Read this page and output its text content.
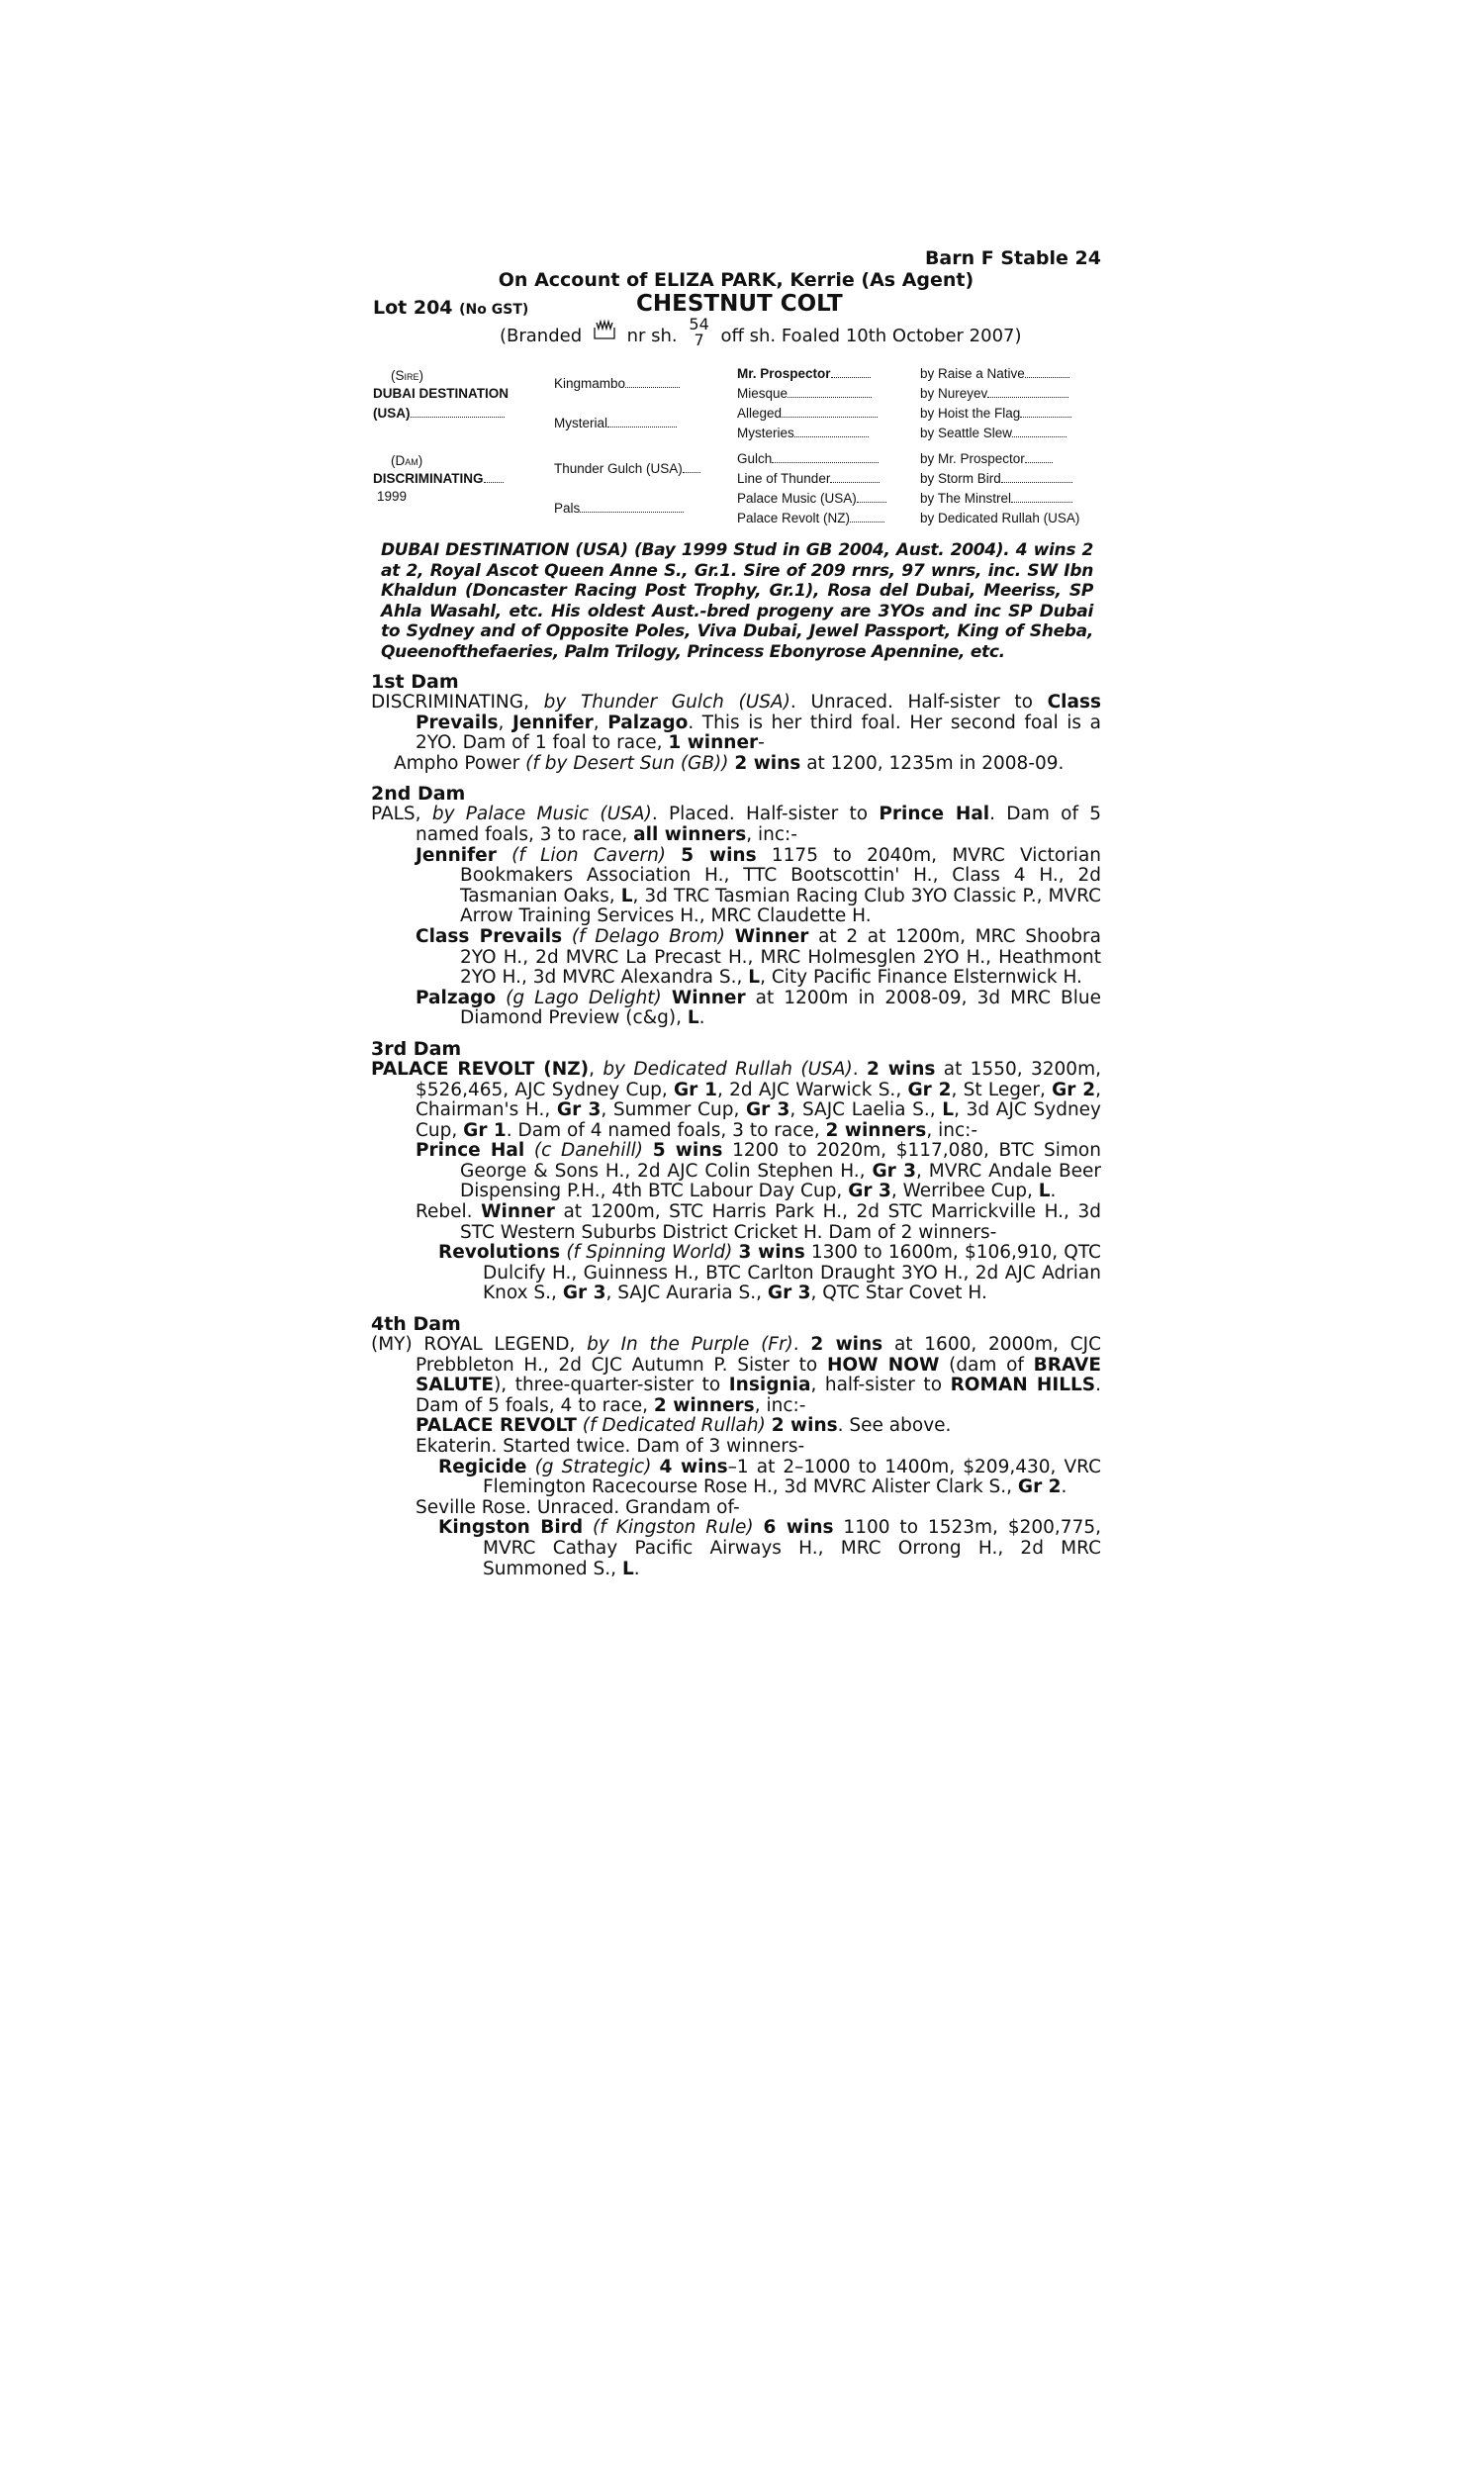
Barn F Stable 24
On Account of ELIZA PARK, Kerrie (As Agent)
Lot 204 (No GST)	CHESTNUT COLT
(Branded	nr sh.
54
7 off sh. Foaled 10th October 2007)
(Sire)
DUBAI DESTINATION
(USA)
(Dam)
DISCRIMINATING
1999
Kingmambo
Mysterial
Thunder Gulch (USA)
Pals
Mr. Prospector
Miesque
Alleged
Mysteries
Gulch
Line of Thunder
Palace Music (USA)
Palace Revolt (NZ)
by Raise a Native
by Nureyev
by Hoist the Flag
by Seattle Slew
by Mr. Prospector
by Storm Bird
by The Minstrel
by Dedicated Rullah (USA)
DUBAI DESTINATION (USA) (Bay 1999 Stud in GB 2004, Aust. 2004). 4 wins 2 at 2, Royal Ascot Queen Anne S., Gr.1. Sire of 209 rnrs, 97 wnrs, inc. SW Ibn Khaldun (Doncaster Racing Post Trophy, Gr.1), Rosa del Dubai, Meeriss, SP Ahla Wasahl, etc. His oldest Aust.-bred progeny are 3YOs and inc SP Dubai to Sydney and of Opposite Poles, Viva Dubai, Jewel Passport, King of Sheba, Queenofthefaeries, Palm Trilogy, Princess Ebonyrose Apennine, etc.
1st Dam
DISCRIMINATING, by Thunder Gulch (USA). Unraced. Half-sister to Class Prevails, Jennifer, Palzago. This is her third foal. Her second foal is a 2YO. Dam of 1 foal to race, 1 winner-
Ampho Power (f by Desert Sun (GB)) 2 wins at 1200, 1235m in 2008-09.
2nd Dam
PALS, by Palace Music (USA). Placed. Half-sister to Prince Hal. Dam of 5 named foals, 3 to race, all winners, inc:-
Jennifer (f Lion Cavern) 5 wins 1175 to 2040m, MVRC Victorian Bookmakers Association H., TTC Bootscottin' H., Class 4 H., 2d Tasmanian Oaks, L, 3d TRC Tasmian Racing Club 3YO Classic P., MVRC Arrow Training Services H., MRC Claudette H.
Class Prevails (f Delago Brom) Winner at 2 at 1200m, MRC Shoobra 2YO H., 2d MVRC La Precast H., MRC Holmesglen 2YO H., Heathmont 2YO H., 3d MVRC Alexandra S., L, City Pacific Finance Elsternwick H.
Palzago (g Lago Delight) Winner at 1200m in 2008-09, 3d MRC Blue Diamond Preview (c&g), L.
3rd Dam
PALACE REVOLT (NZ), by Dedicated Rullah (USA). 2 wins at 1550, 3200m, $526,465, AJC Sydney Cup, Gr 1, 2d AJC Warwick S., Gr 2, St Leger, Gr 2, Chairman's H., Gr 3, Summer Cup, Gr 3, SAJC Laelia S., L, 3d AJC Sydney Cup, Gr 1. Dam of 4 named foals, 3 to race, 2 winners, inc:-
Prince Hal (c Danehill) 5 wins 1200 to 2020m, $117,080, BTC Simon George & Sons H., 2d AJC Colin Stephen H., Gr 3, MVRC Andale Beer Dispensing P.H., 4th BTC Labour Day Cup, Gr 3, Werribee Cup, L.
Rebel. Winner at 1200m, STC Harris Park H., 2d STC Marrickville H., 3d STC Western Suburbs District Cricket H. Dam of 2 winners-
Revolutions (f Spinning World) 3 wins 1300 to 1600m, $106,910, QTC Dulcify H., Guinness H., BTC Carlton Draught 3YO H., 2d AJC Adrian Knox S., Gr 3, SAJC Auraria S., Gr 3, QTC Star Covet H.
4th Dam
(MY) ROYAL LEGEND, by In the Purple (Fr). 2 wins at 1600, 2000m, CJC Prebbleton H., 2d CJC Autumn P. Sister to HOW NOW (dam of BRAVE SALUTE), three-quarter-sister to Insignia, half-sister to ROMAN HILLS. Dam of 5 foals, 4 to race, 2 winners, inc:-
PALACE REVOLT (f Dedicated Rullah) 2 wins. See above.
Ekaterin. Started twice. Dam of 3 winners-
Regicide (g Strategic) 4 wins–1 at 2–1000 to 1400m, $209,430, VRC Flemington Racecourse Rose H., 3d MVRC Alister Clark S., Gr 2.
Seville Rose. Unraced. Grandam of-
Kingston Bird (f Kingston Rule) 6 wins 1100 to 1523m, $200,775, MVRC Cathay Pacific Airways H., MRC Orrong H., 2d MRC Summoned S., L.
